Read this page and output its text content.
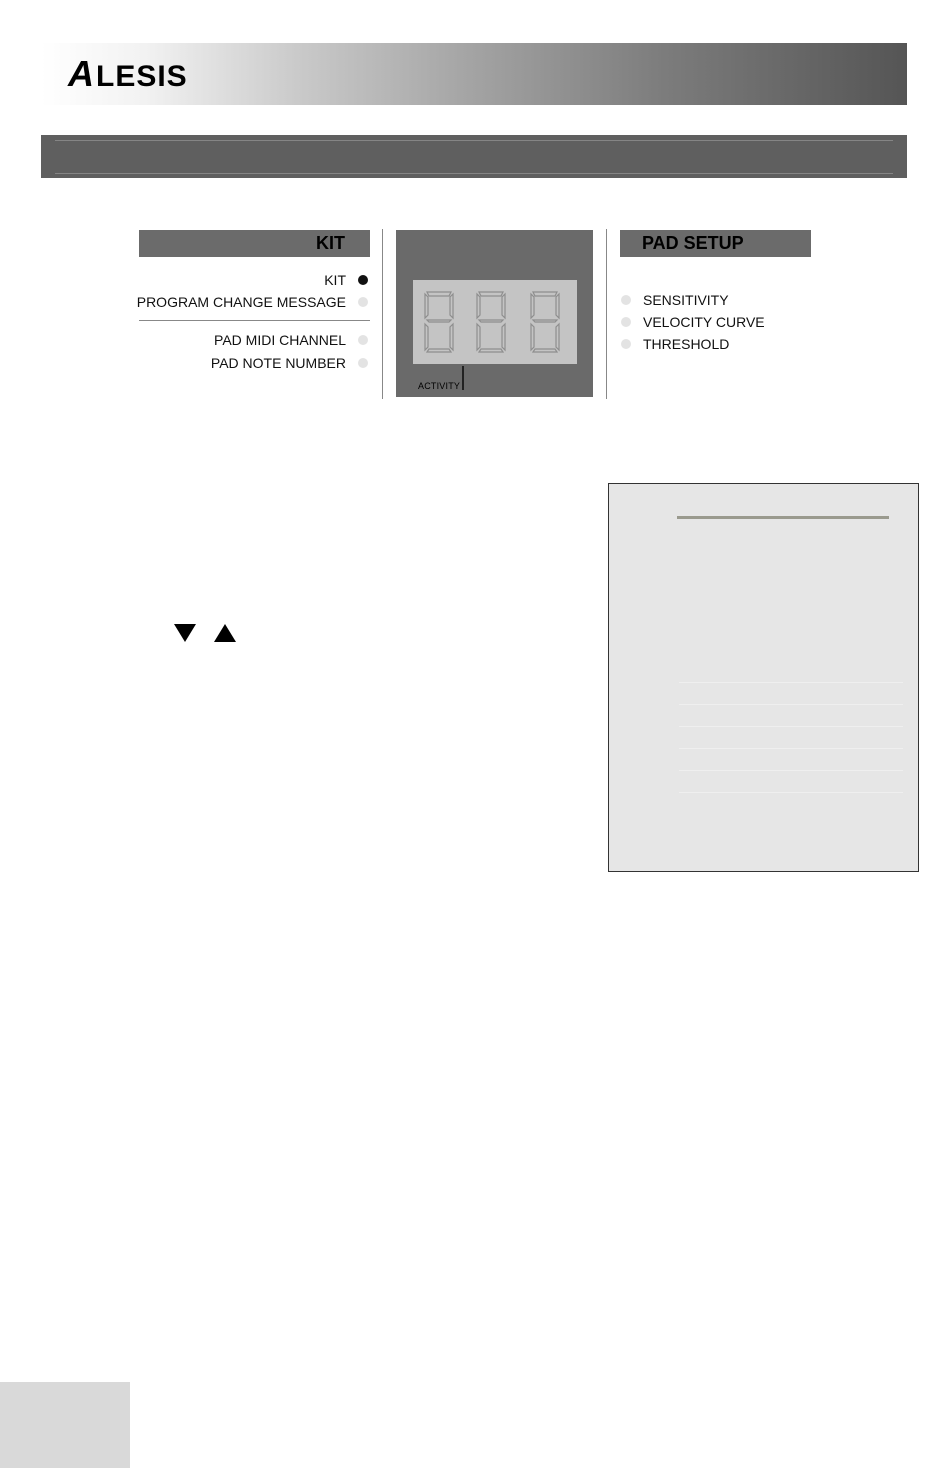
A LESIS
KIT
KIT
PROGRAM CHANGE MESSAGE
PAD MIDI CHANNEL
PAD NOTE NUMBER
ACTIVITY
PAD SETUP
SENSITIVITY
VELOCITY CURVE
THRESHOLD
